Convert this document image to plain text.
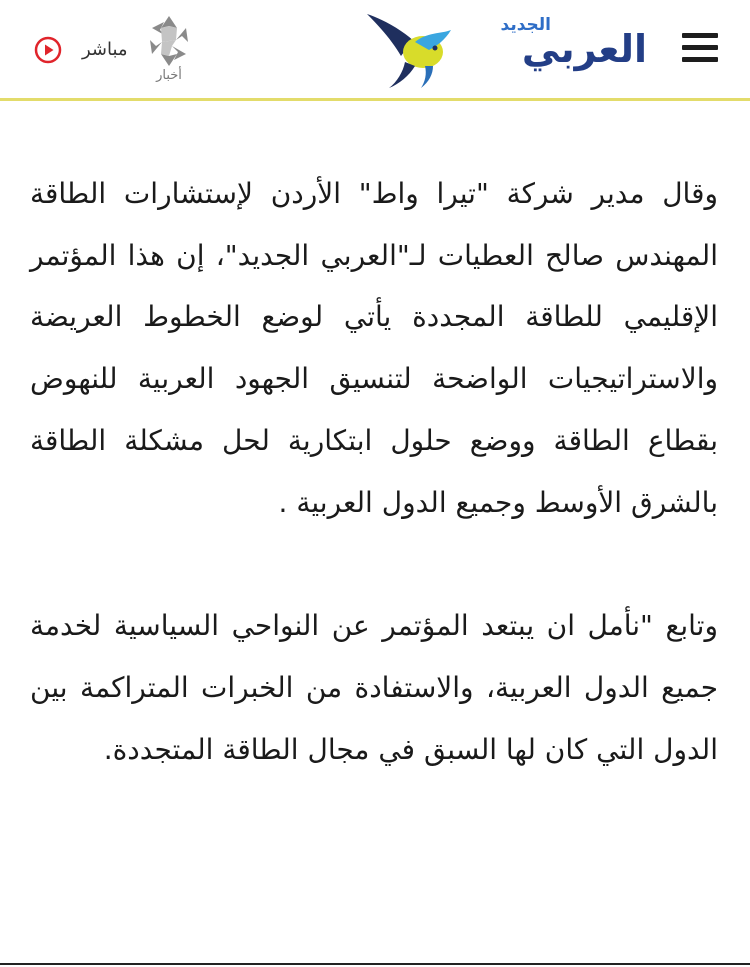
الجديد
العربي
أخبار
مباشر

وقال مدير شركة "تيرا واط" الأردن لإستشارات الطاقة المهندس صالح العطيات لـ"العربي الجديد"، إن هذا المؤتمر الإقليمي للطاقة المجددة يأتي لوضع الخطوط العريضة والاستراتيجيات الواضحة لتنسيق الجهود العربية للنهوض بقطاع الطاقة ووضع حلول ابتكارية لحل مشكلة الطاقة بالشرق الأوسط وجميع الدول العربية .

وتابع "نأمل ان يبتعد المؤتمر عن النواحي السياسية لخدمة جميع الدول العربية، والاستفادة من الخبرات المتراكمة بين الدول التي كان لها السبق في مجال الطاقة المتجددة.
